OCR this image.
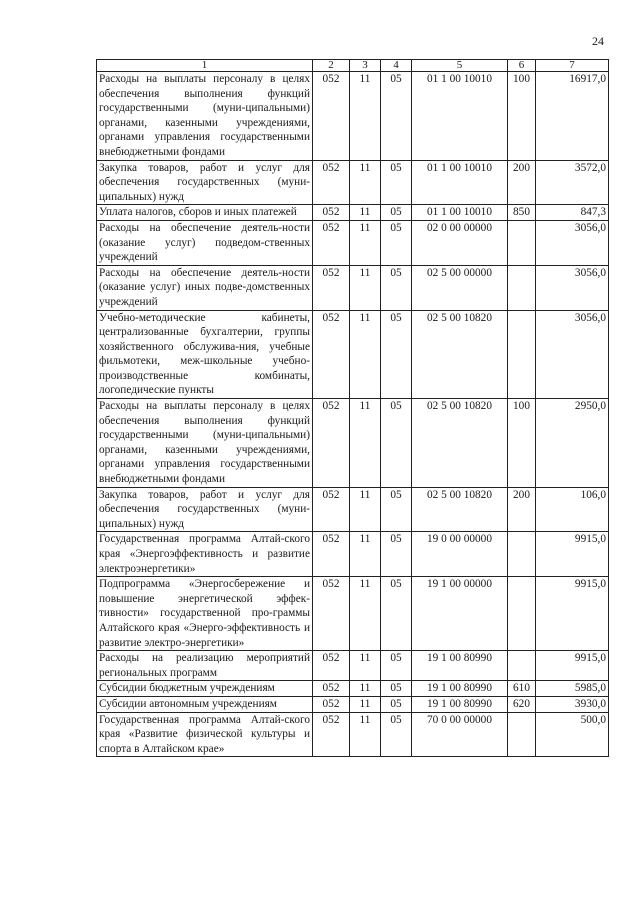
24
1	2	3	4	5	6	7
Расходы на выплаты персоналу в целях обеспечения выполнения функций государственными (муни-ципальными) органами, казенными учреждениями, органами управления государственными внебюджетными фондами	052	11	05	01 1 00 10010	100	16917,0
Закупка товаров, работ и услуг для обеспечения государственных (муни-ципальных) нужд	052	11	05	01 1 00 10010	200	3572,0
Уплата налогов, сборов и иных платежей	052	11	05	01 1 00 10010	850	847,3
Расходы на обеспечение деятель-ности (оказание услуг) подведом-ственных учреждений	052	11	05	02 0 00 00000		3056,0
Расходы на обеспечение деятель-ности (оказание услуг) иных подве-домственных учреждений	052	11	05	02 5 00 00000		3056,0
Учебно-методические кабинеты, централизованные бухгалтерии, группы хозяйственного обслужива-ния, учебные фильмотеки, меж-школьные учебно-производственные комбинаты, логопедические пункты	052	11	05	02 5 00 10820		3056,0
Расходы на выплаты персоналу в целях обеспечения выполнения функций государственными (муни-ципальными) органами, казенными учреждениями, органами управления государственными внебюджетными фондами	052	11	05	02 5 00 10820	100	2950,0
Закупка товаров, работ и услуг для обеспечения государственных (муни-ципальных) нужд	052	11	05	02 5 00 10820	200	106,0
Государственная программа Алтай-ского края «Энергоэффективность и развитие электроэнергетики»	052	11	05	19 0 00 00000		9915,0
Подпрограмма «Энергосбережение и повышение энергетической эффек-тивности» государственной про-граммы Алтайского края «Энерго-эффективность и развитие электро-энергетики»	052	11	05	19 1 00 00000		9915,0
Расходы на реализацию мероприятий региональных программ	052	11	05	19 1 00 80990		9915,0
Субсидии бюджетным учреждениям	052	11	05	19 1 00 80990	610	5985,0
Субсидии автономным учреждениям	052	11	05	19 1 00 80990	620	3930,0
Государственная программа Алтай-ского края «Развитие физической культуры и спорта в Алтайском крае»	052	11	05	70 0 00 00000		500,0
